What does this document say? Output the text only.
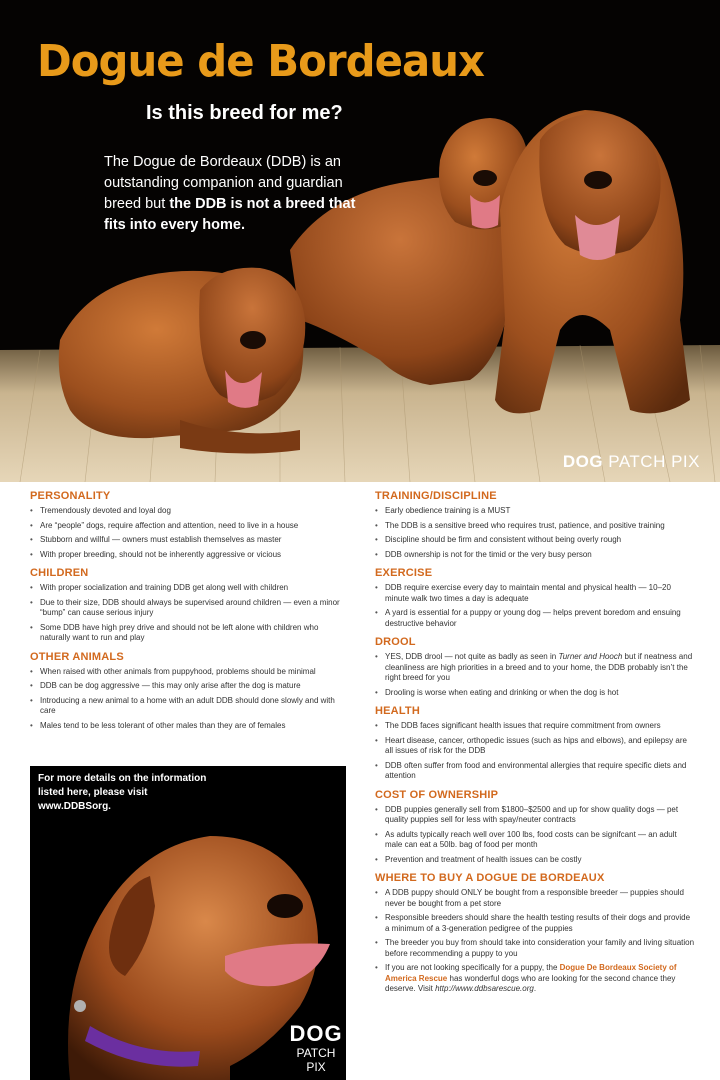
Dogue de Bordeaux
Is this breed for me?
The Dogue de Bordeaux (DDB) is an outstanding companion and guardian breed but the DDB is not a breed that fits into every home.
DOG PATCH PIX
PERSONALITY
• Tremendously devoted and loyal dog
• Are “people” dogs, require affection and attention, need to live in a house
• Stubborn and willful — owners must establish themselves as master
• With proper breeding, should not be inherently aggressive or vicious
CHILDREN
• With proper socialization and training DDB get along well with children
• Due to their size, DDB should always be supervised around children — even a minor “bump” can cause serious injury
• Some DDB have high prey drive and should not be left alone with children who naturally want to run and play
OTHER ANIMALS
• When raised with other animals from puppyhood, problems should be minimal
• DDB can be dog aggressive — this may only arise after the dog is mature
• Introducing a new animal to a home with an adult DDB should done slowly and with care
• Males tend to be less tolerant of other males than they are of females
TRAINING/DISCIPLINE
• Early obedience training is a MUST
• The DDB is a sensitive breed who requires trust, patience, and positive training
• Discipline should be firm and consistent without being overly rough
• DDB ownership is not for the timid or the very busy person
EXERCISE
• DDB require exercise every day to maintain mental and physical health — 10–20 minute walk two times a day is adequate
• A yard is essential for a puppy or young dog — helps prevent boredom and ensuing destructive behavior
DROOL
• YES, DDB drool — not quite as badly as seen in Turner and Hooch but if neatness and cleanliness are high priorities in a breed and to your home, the DDB probably isn’t the right breed for you
• Drooling is worse when eating and drinking or when the dog is hot
HEALTH
• The DDB faces significant health issues that require commitment from owners
• Heart disease, cancer, orthopedic issues (such as hips and elbows), and epilepsy are all issues of risk for the DDB
• DDB often suffer from food and environmental allergies that require specific diets and attention
COST OF OWNERSHIP
• DDB puppies generally sell from $1800–$2500 and up for show quality dogs — pet quality puppies sell for less with spay/neuter contracts
• As adults typically reach well over 100 lbs, food costs can be signifcant — an adult male can eat a 50lb. bag of food per month
• Prevention and treatment of health issues can be costly
WHERE TO BUY A DOGUE DE BORDEAUX
• A DDB puppy should ONLY be bought from a responsible breeder — puppies should never be bought from a pet store
• Responsible breeders should share the health testing results of their dogs and provide a minimum of a 3-generation pedigree of the puppies
• The breeder you buy from should take into consideration your family and living situation before recommending a puppy to you
• If you are not looking specifically for a puppy, the Dogue De Bordeaux Society of America Rescue has wonderful dogs who are looking for the second chance they deserve. Visit http://www.ddbsarescue.org.
For more details on the information listed here, please visit www.DDBSorg.
DOG
PATCH PIX
